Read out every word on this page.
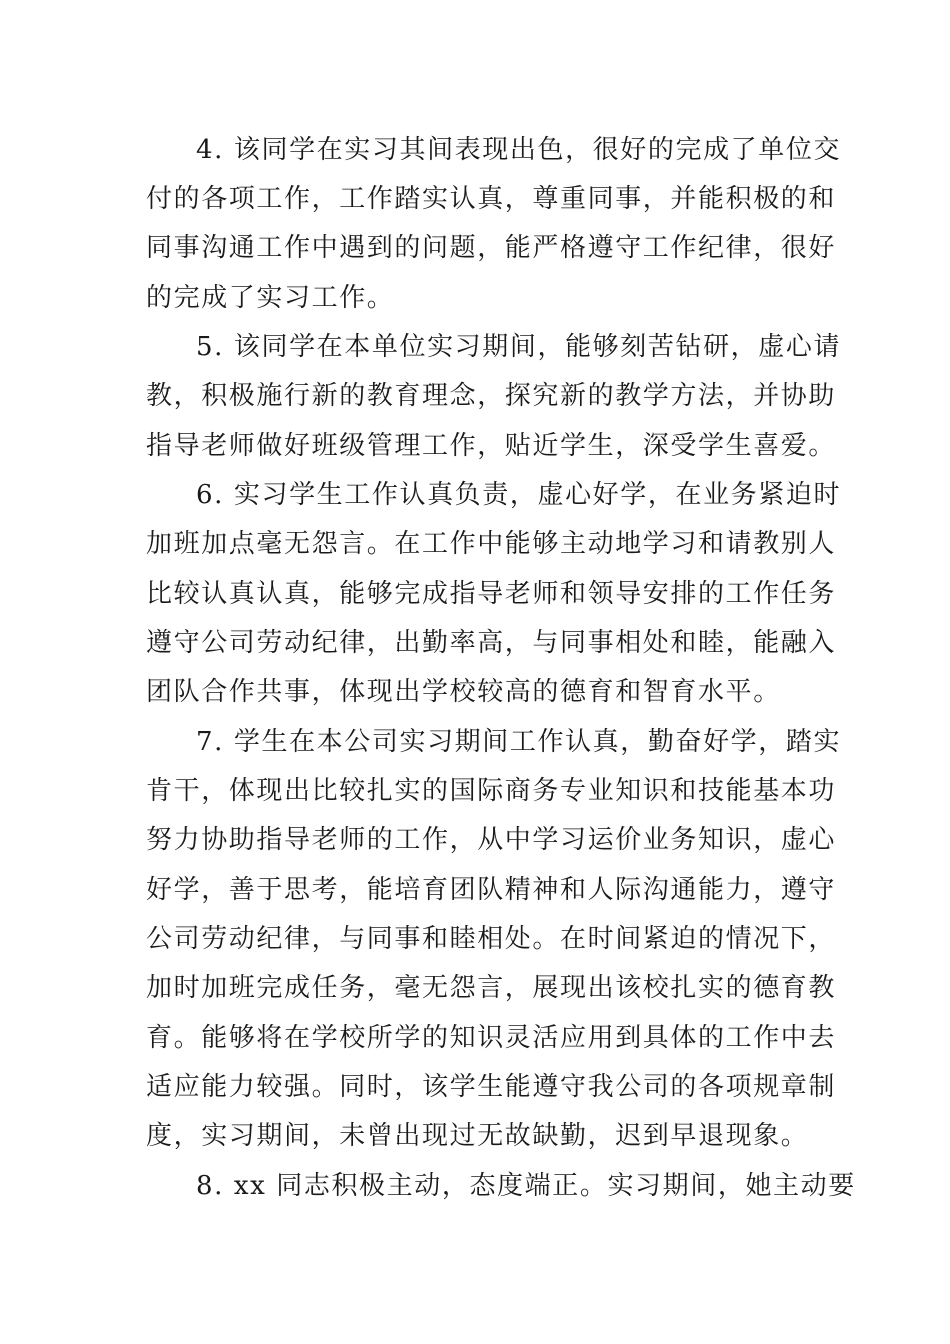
4. 该同学在实习其间表现出色，很好的完成了单位交
付的各项工作，工作踏实认真，尊重同事，并能积极的和
同事沟通工作中遇到的问题，能严格遵守工作纪律，很好
的完成了实习工作。
5. 该同学在本单位实习期间，能够刻苦钻研，虚心请
教，积极施行新的教育理念，探究新的教学方法，并协助
指导老师做好班级管理工作，贴近学生，深受学生喜爱。
6. 实习学生工作认真负责，虚心好学，在业务紧迫时
加班加点毫无怨言。在工作中能够主动地学习和请教别人
比较认真认真，能够完成指导老师和领导安排的工作任务
遵守公司劳动纪律，出勤率高，与同事相处和睦，能融入
团队合作共事，体现出学校较高的德育和智育水平。
7. 学生在本公司实习期间工作认真，勤奋好学，踏实
肯干，体现出比较扎实的国际商务专业知识和技能基本功
努力协助指导老师的工作，从中学习运价业务知识，虚心
好学，善于思考，能培育团队精神和人际沟通能力，遵守
公司劳动纪律，与同事和睦相处。在时间紧迫的情况下，
加时加班完成任务，毫无怨言，展现出该校扎实的德育教
育。能够将在学校所学的知识灵活应用到具体的工作中去
适应能力较强。同时，该学生能遵守我公司的各项规章制
度，实习期间，未曾出现过无故缺勤，迟到早退现象。
8. xx 同志积极主动，态度端正。实习期间，她主动要
